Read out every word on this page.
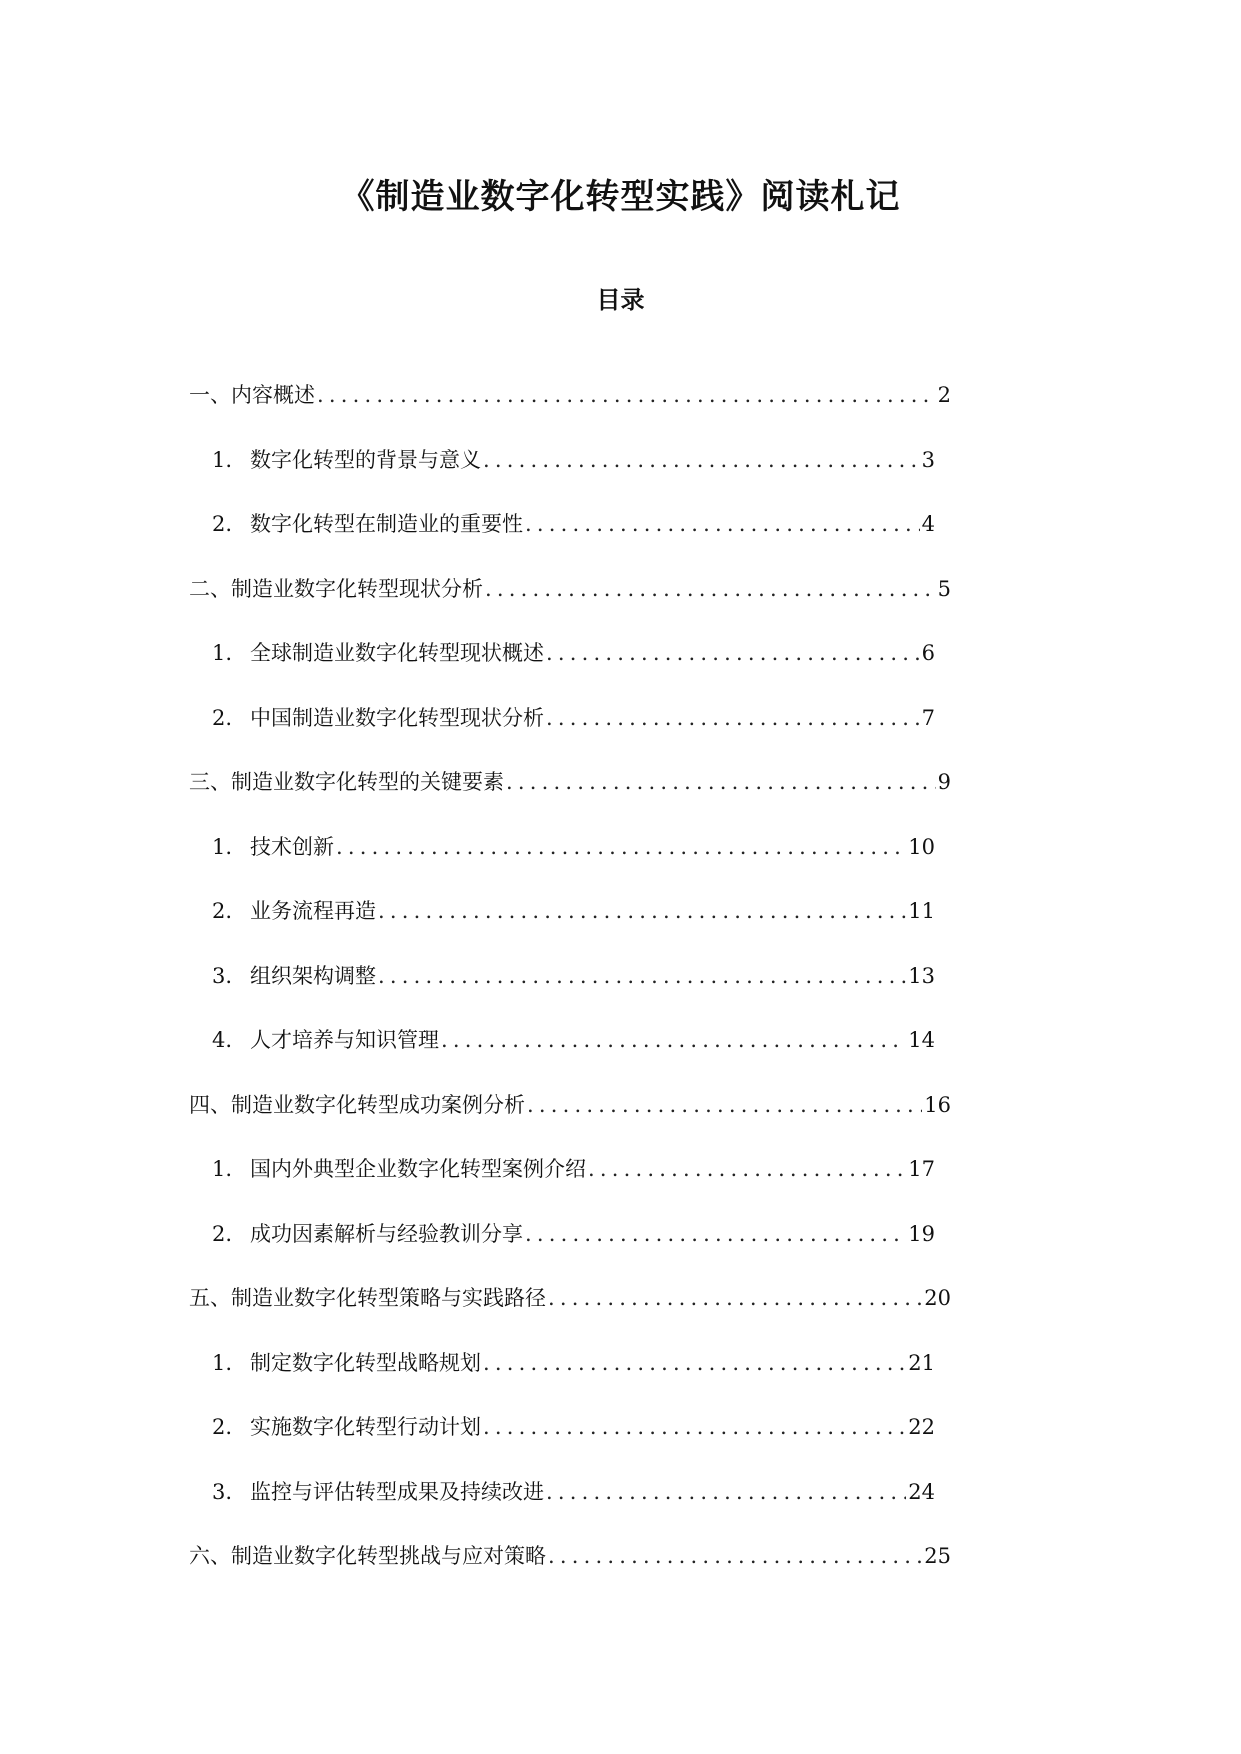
《制造业数字化转型实践》阅读札记
目录
一、内容概述 .....	2
1. 数字化转型的背景与意义 .....	3
2. 数字化转型在制造业的重要性 .....	4
二、制造业数字化转型现状分析 .....	5
1. 全球制造业数字化转型现状概述 .....	6
2. 中国制造业数字化转型现状分析 .....	7
三、制造业数字化转型的关键要素 .....	9
1. 技术创新 .....	10
2. 业务流程再造 .....	11
3. 组织架构调整 .....	13
4. 人才培养与知识管理 .....	14
四、制造业数字化转型成功案例分析 .....	16
1. 国内外典型企业数字化转型案例介绍 .....	17
2. 成功因素解析与经验教训分享 .....	19
五、制造业数字化转型策略与实践路径 .....	20
1. 制定数字化转型战略规划 .....	21
2. 实施数字化转型行动计划 .....	22
3. 监控与评估转型成果及持续改进 .....	24
六、制造业数字化转型挑战与应对策略 .....	25
